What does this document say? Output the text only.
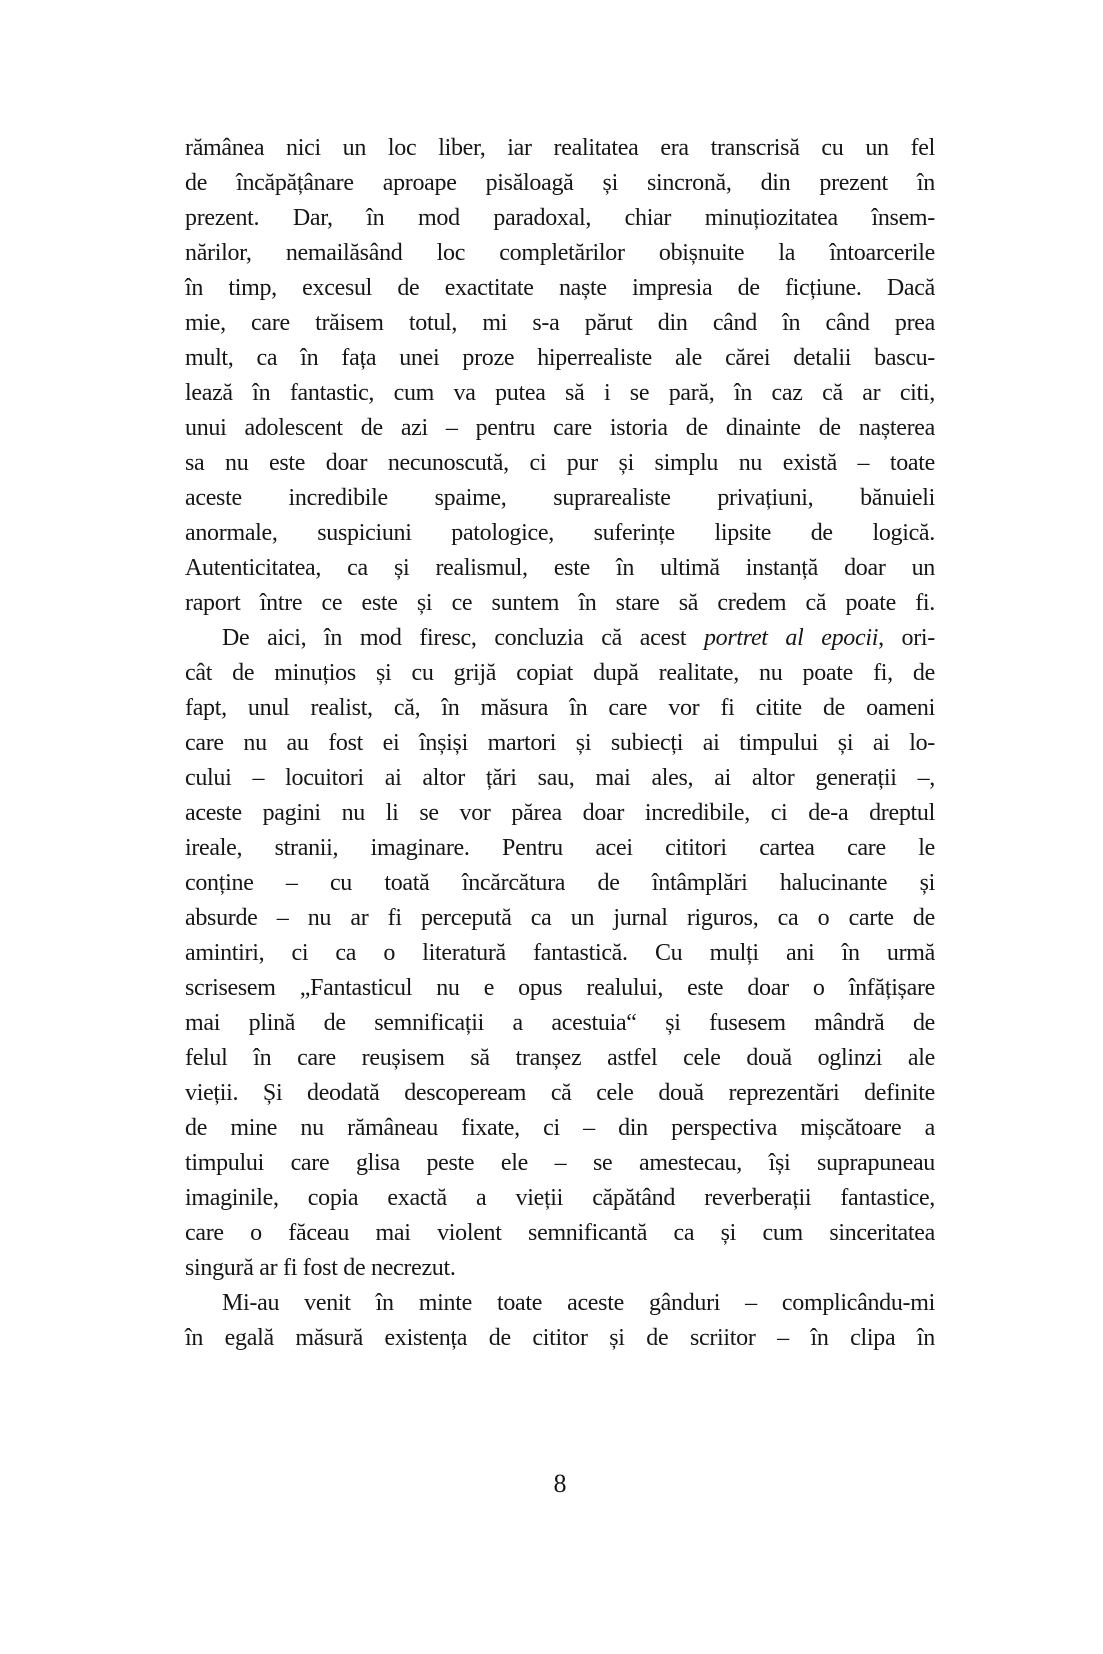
rămânea nici un loc liber, iar realitatea era transcrisă cu un fel
de încăpățânare aproape pisăloagă și sincronă, din prezent în
prezent. Dar, în mod paradoxal, chiar minuțiozitatea însem-
nărilor, nemailăsând loc completărilor obișnuite la întoarcerile
în timp, excesul de exactitate naște impresia de ficțiune. Dacă
mie, care trăisem totul, mi s-a părut din când în când prea
mult, ca în fața unei proze hiperrealiste ale cărei detalii bascu-
lează în fantastic, cum va putea să i se pară, în caz că ar citi,
unui adolescent de azi – pentru care istoria de dinainte de nașterea
sa nu este doar necunoscută, ci pur și simplu nu există – toate
aceste incredibile spaime, suprarealiste privațiuni, bănuieli
anormale, suspiciuni patologice, suferințe lipsite de logică.
Autenticitatea, ca și realismul, este în ultimă instanță doar un
raport între ce este și ce suntem în stare să credem că poate fi.
De aici, în mod firesc, concluzia că acest portret al epocii, ori-
cât de minuțios și cu grijă copiat după realitate, nu poate fi, de
fapt, unul realist, că, în măsura în care vor fi citite de oameni
care nu au fost ei înșiși martori și subiecți ai timpului și ai lo-
cului – locuitori ai altor țări sau, mai ales, ai altor generații –,
aceste pagini nu li se vor părea doar incredibile, ci de-a dreptul
ireale, stranii, imaginare. Pentru acei cititori cartea care le
conține – cu toată încărcătura de întâmplări halucinante și
absurde – nu ar fi percepută ca un jurnal riguros, ca o carte de
amintiri, ci ca o literatură fantastică. Cu mulți ani în urmă
scrisesem „Fantasticul nu e opus realului, este doar o înfățișare
mai plină de semnificații a acestuia“ și fusesem mândră de
felul în care reușisem să tranșez astfel cele două oglinzi ale
vieții. Și deodată descopeream că cele două reprezentări definite
de mine nu rămâneau fixate, ci – din perspectiva mișcătoare a
timpului care glisa peste ele – se amestecau, își suprapuneau
imaginile, copia exactă a vieții căpătând reverberații fantastice,
care o făceau mai violent semnificantă ca și cum sinceritatea
singură ar fi fost de necrezut.
Mi-au venit în minte toate aceste gânduri – complicându-mi
în egală măsură existența de cititor și de scriitor – în clipa în
8
